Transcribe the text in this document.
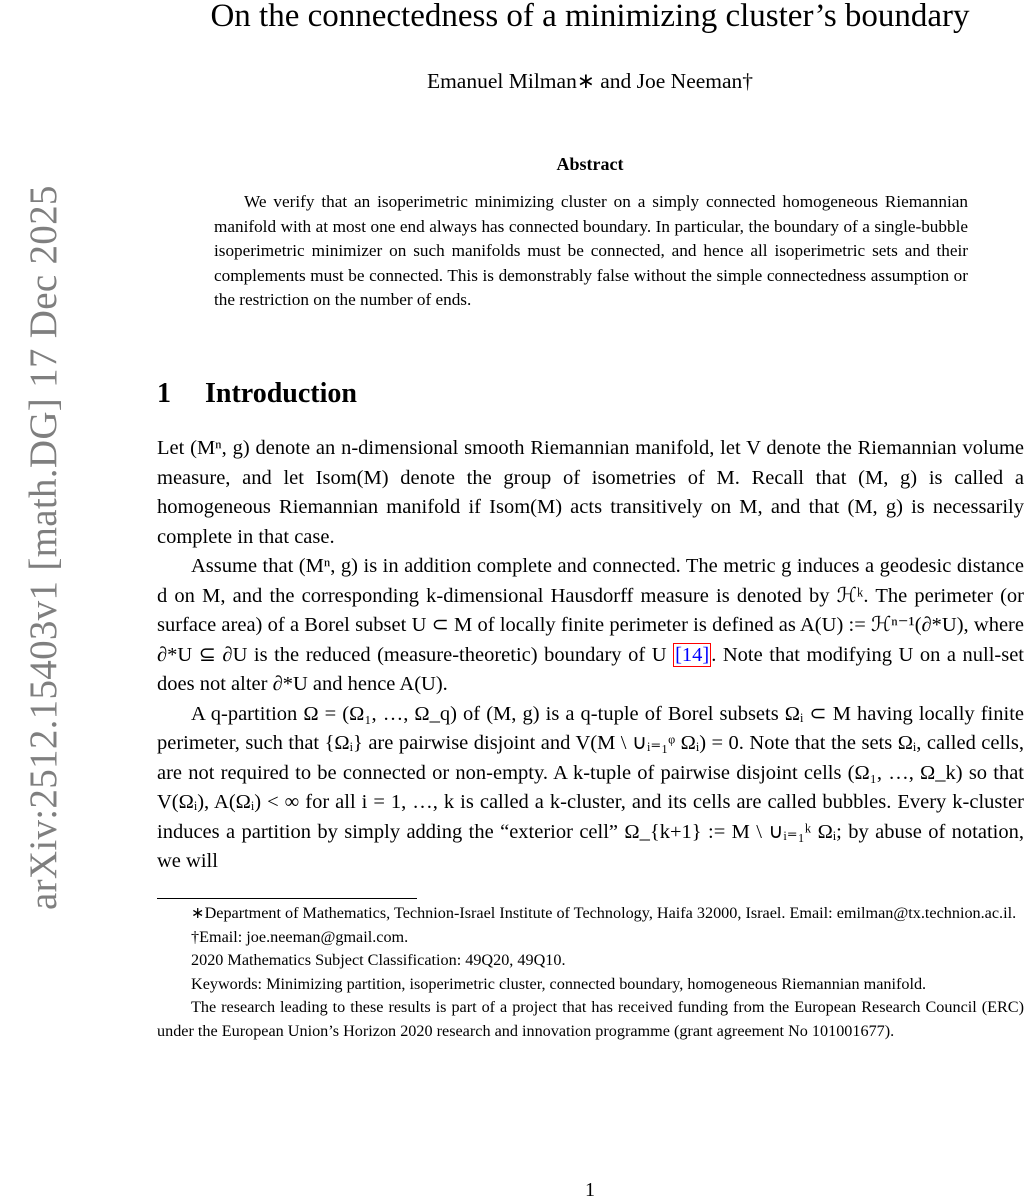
arXiv:2512.15403v1 [math.DG] 17 Dec 2025
On the connectedness of a minimizing cluster’s boundary
Emanuel Milman∗ and Joe Neeman†
Abstract

We verify that an isoperimetric minimizing cluster on a simply connected homogeneous Riemannian manifold with at most one end always has connected boundary. In particular, the boundary of a single-bubble isoperimetric minimizer on such manifolds must be connected, and hence all isoperimetric sets and their complements must be connected. This is demonstrably false without the simple connectedness assumption or the restriction on the number of ends.

1 Introduction

Let (Mⁿ, g) denote an n-dimensional smooth Riemannian manifold, let V denote the Riemannian volume measure, and let Isom(M) denote the group of isometries of M. Recall that (M, g) is called a homogeneous Riemannian manifold if Isom(M) acts transitively on M, and that (M, g) is necessarily complete in that case.

Assume that (Mⁿ, g) is in addition complete and connected. The metric g induces a geodesic distance d on M, and the corresponding k-dimensional Hausdorff measure is denoted by ℋᵏ. The perimeter (or surface area) of a Borel subset U ⊂ M of locally finite perimeter is defined as A(U) := ℋⁿ⁻¹(∂*U), where ∂*U ⊆ ∂U is the reduced (measure-theoretic) boundary of U [14]. Note that modifying U on a null-set does not alter ∂*U and hence A(U).

A q-partition Ω = (Ω₁, …, Ω_q) of (M, g) is a q-tuple of Borel subsets Ωᵢ ⊂ M having locally finite perimeter, such that {Ωᵢ} are pairwise disjoint and V(M \ ∪ᵢ₌₁ᵠ Ωᵢ) = 0. Note that the sets Ωᵢ, called cells, are not required to be connected or non-empty. A k-tuple of pairwise disjoint cells (Ω₁, …, Ω_k) so that V(Ωᵢ), A(Ωᵢ) < ∞ for all i = 1, …, k is called a k-cluster, and its cells are called bubbles. Every k-cluster induces a partition by simply adding the “exterior cell” Ω_{k+1} := M \ ∪ᵢ₌₁ᵏ Ωᵢ; by abuse of notation, we will

∗Department of Mathematics, Technion-Israel Institute of Technology, Haifa 32000, Israel. Email: emilman@tx.technion.ac.il.

†Email: joe.neeman@gmail.com.

2020 Mathematics Subject Classification: 49Q20, 49Q10.

Keywords: Minimizing partition, isoperimetric cluster, connected boundary, homogeneous Riemannian manifold.

The research leading to these results is part of a project that has received funding from the European Research Council (ERC) under the European Union’s Horizon 2020 research and innovation programme (grant agreement No 101001677).

1
